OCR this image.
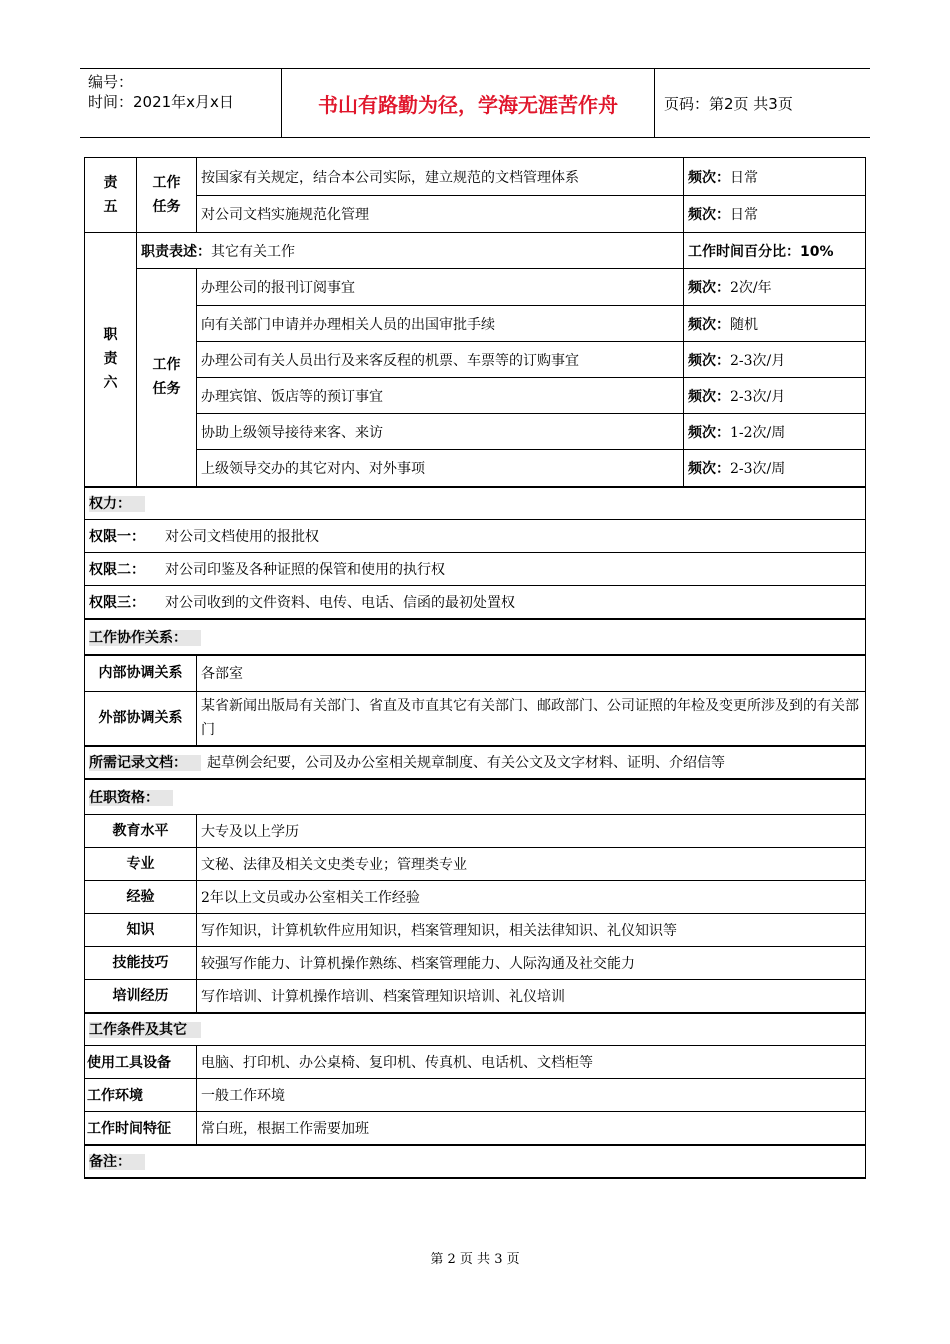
编号：
时间：2021年x月x日	书山有路勤为径，学海无涯苦作舟	页码：第2页 共3页
责五	工作任务	按国家有关规定，结合本公司实际，建立规范的文档管理体系	频次：日常
		对公司文档实施规范化管理	频次：日常
职责六	职责表述：其它有关工作		工作时间百分比：10%
	工作任务	办理公司的报刊订阅事宜	频次：2次/年
		向有关部门申请并办理相关人员的出国审批手续	频次：随机
		办理公司有关人员出行及来客反程的机票、车票等的订购事宜	频次：2-3次/月
		办理宾馆、饭店等的预订事宜	频次：2-3次/月
		协助上级领导接待来客、来访	频次：1-2次/周
		上级领导交办的其它对内、对外事项	频次：2-3次/周
权力：			
权限一： 对公司文档使用的报批权			
权限二： 对公司印鉴及各种证照的保管和使用的执行权			
权限三： 对公司收到的文件资料、电传、电话、信函的最初处置权			
工作协作关系：			
内部协调关系		各部室	
外部协调关系		某省新闻出版局有关部门、省直及市直其它有关部门、邮政部门、公司证照的年检及变更所涉及到的有关部门	
所需记录文档： 起草例会纪要，公司及办公室相关规章制度、有关公文及文字材料、证明、介绍信等			
任职资格：			
教育水平		大专及以上学历	
专业		文秘、法律及相关文史类专业；管理类专业	
经验		2年以上文员或办公室相关工作经验	
知识		写作知识，计算机软件应用知识，档案管理知识，相关法律知识、礼仪知识等	
技能技巧		较强写作能力、计算机操作熟练、档案管理能力、人际沟通及社交能力	
培训经历		写作培训、计算机操作培训、档案管理知识培训、礼仪培训	
工作条件及其它			
使用工具设备		电脑、打印机、办公桌椅、复印机、传真机、电话机、文档柜等	
工作环境		一般工作环境	
工作时间特征		常白班，根据工作需要加班	
备注：			
第 2 页 共 3 页
